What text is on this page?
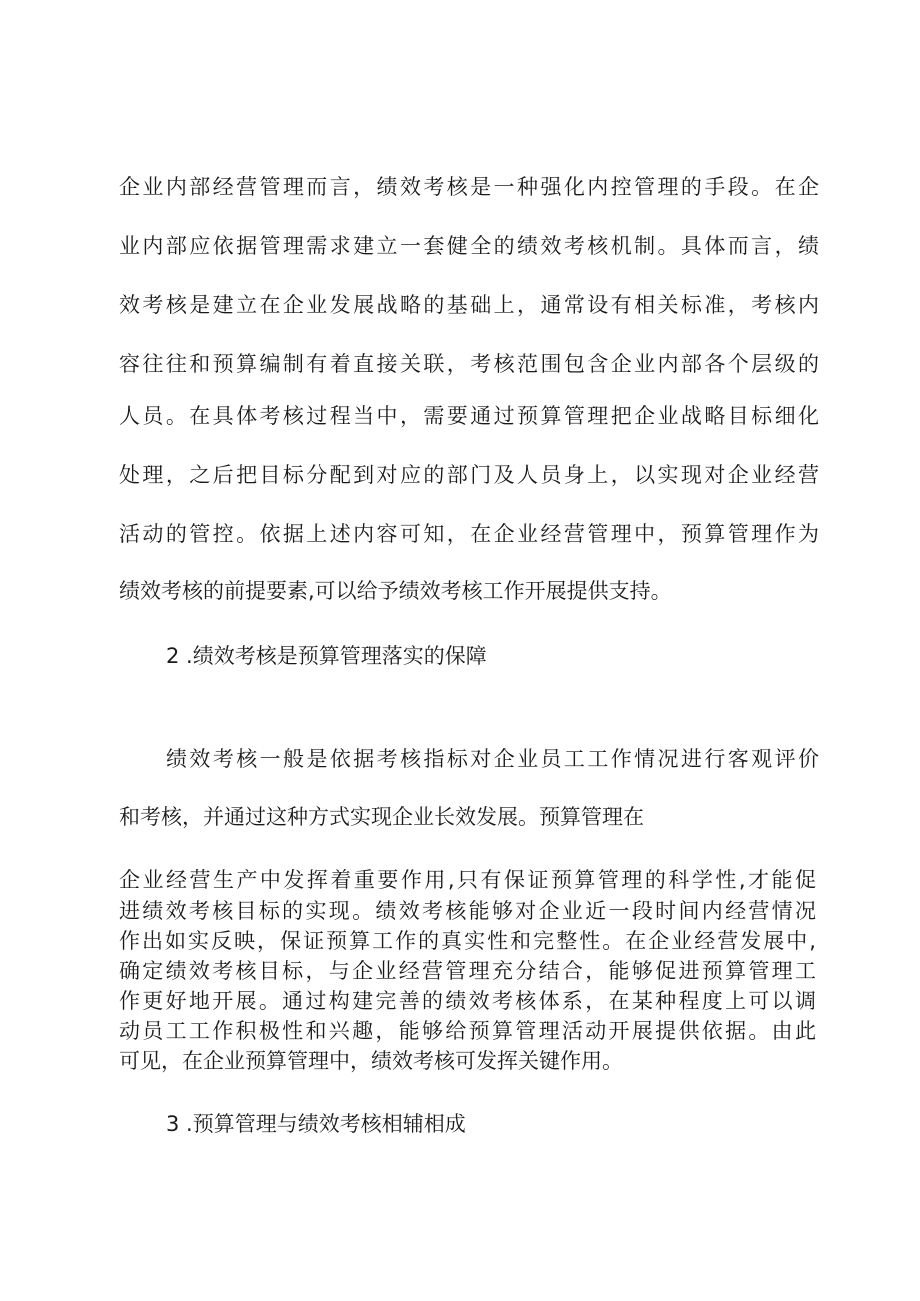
企业内部经营管理而言，绩效考核是一种强化内控管理的手段。在企
业内部应依据管理需求建立一套健全的绩效考核机制。具体而言，绩
效考核是建立在企业发展战略的基础上，通常设有相关标准，考核内
容往往和预算编制有着直接关联，考核范围包含企业内部各个层级的
人员。在具体考核过程当中，需要通过预算管理把企业战略目标细化
处理，之后把目标分配到对应的部门及人员身上，以实现对企业经营
活动的管控。依据上述内容可知，在企业经营管理中，预算管理作为
绩效考核的前提要素,可以给予绩效考核工作开展提供支持。
2 .绩效考核是预算管理落实的保障
绩效考核一般是依据考核指标对企业员工工作情况进行客观评价
和考核，并通过这种方式实现企业长效发展。预算管理在
企业经营生产中发挥着重要作用,只有保证预算管理的科学性,才能促
进绩效考核目标的实现。绩效考核能够对企业近一段时间内经营情况
作出如实反映，保证预算工作的真实性和完整性。在企业经营发展中,
确定绩效考核目标，与企业经营管理充分结合，能够促进预算管理工
作更好地开展。通过构建完善的绩效考核体系，在某种程度上可以调
动员工工作积极性和兴趣，能够给预算管理活动开展提供依据。由此
可见，在企业预算管理中，绩效考核可发挥关键作用。
3 .预算管理与绩效考核相辅相成
